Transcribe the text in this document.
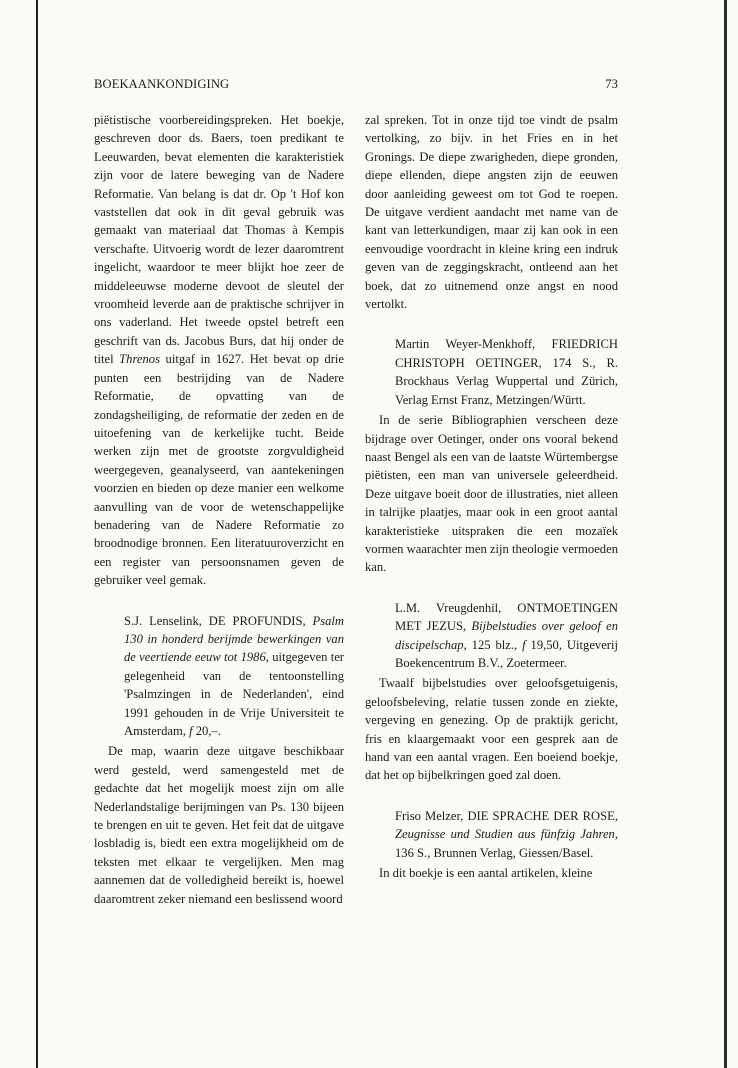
BOEKAANKONDIGING	73

piëtistische voorbereidingspreken. Het boekje, geschreven door ds. Baers, toen predikant te Leeuwarden, bevat elementen die karakteristiek zijn voor de latere beweging van de Nadere Reformatie. Van belang is dat dr. Op 't Hof kon vaststellen dat ook in dit geval gebruik was gemaakt van materiaal dat Thomas à Kempis verschafte. Uitvoerig wordt de lezer daaromtrent ingelicht, waardoor te meer blijkt hoe zeer de middeleeuwse moderne devoot de sleutel der vroomheid leverde aan de praktische schrijver in ons vaderland. Het tweede opstel betreft een geschrift van ds. Jacobus Burs, dat hij onder de titel Threnos uitgaf in 1627. Het bevat op drie punten een bestrijding van de Nadere Reformatie, de opvatting van de zondagsheiliging, de reformatie der zeden en de uitoefening van de kerkelijke tucht. Beide werken zijn met de grootste zorgvuldigheid weergegeven, geanalyseerd, van aantekeningen voorzien en bieden op deze manier een welkome aanvulling van de voor de wetenschappelijke benadering van de Nadere Reformatie zo broodnodige bronnen. Een literatuuroverzicht en een register van persoonsnamen geven de gebruiker veel gemak.

S.J. Lenselink, DE PROFUNDIS, Psalm 130 in honderd berijmde bewerkingen van de veertiende eeuw tot 1986, uitgegeven ter gelegenheid van de tentoonstelling 'Psalmzingen in de Nederlanden', eind 1991 gehouden in de Vrije Universiteit te Amsterdam, f 20,–.

De map, waarin deze uitgave beschikbaar werd gesteld, werd samengesteld met de gedachte dat het mogelijk moest zijn om alle Nederlandstalige berijmingen van Ps. 130 bijeen te brengen en uit te geven. Het feit dat de uitgave losbladig is, biedt een extra mogelijkheid om de teksten met elkaar te vergelijken. Men mag aannemen dat de volledigheid bereikt is, hoewel daaromtrent zeker niemand een beslissend woord

zal spreken. Tot in onze tijd toe vindt de psalm vertolking, zo bijv. in het Fries en in het Gronings. De diepe zwarigheden, diepe gronden, diepe ellenden, diepe angsten zijn de eeuwen door aanleiding geweest om tot God te roepen. De uitgave verdient aandacht met name van de kant van letterkundigen, maar zij kan ook in een eenvoudige voordracht in kleine kring een indruk geven van de zeggingskracht, ontleend aan het boek, dat zo uitnemend onze angst en nood vertolkt.

Martin Weyer-Menkhoff, FRIEDRICH CHRISTOPH OETINGER, 174 S., R. Brockhaus Verlag Wuppertal und Zürich, Verlag Ernst Franz, Metzingen/Württ.

In de serie Bibliographien verscheen deze bijdrage over Oetinger, onder ons vooral bekend naast Bengel als een van de laatste Würtembergse piëtisten, een man van universele geleerdheid. Deze uitgave boeit door de illustraties, niet alleen in talrijke plaatjes, maar ook in een groot aantal karakteristieke uitspraken die een mozaïek vormen waarachter men zijn theologie vermoeden kan.

L.M. Vreugdenhil, ONTMOETINGEN MET JEZUS, Bijbelstudies over geloof en discipelschap, 125 blz., f 19,50, Uitgeverij Boekencentrum B.V., Zoetermeer.

Twaalf bijbelstudies over geloofsgetuigenis, geloofsbeleving, relatie tussen zonde en ziekte, vergeving en genezing. Op de praktijk gericht, fris en klaargemaakt voor een gesprek aan de hand van een aantal vragen. Een boeiend boekje, dat het op bijbelkringen goed zal doen.

Friso Melzer, DIE SPRACHE DER ROSE, Zeugnisse und Studien aus fünfzig Jahren, 136 S., Brunnen Verlag, Giessen/Basel.

In dit boekje is een aantal artikelen, kleine
